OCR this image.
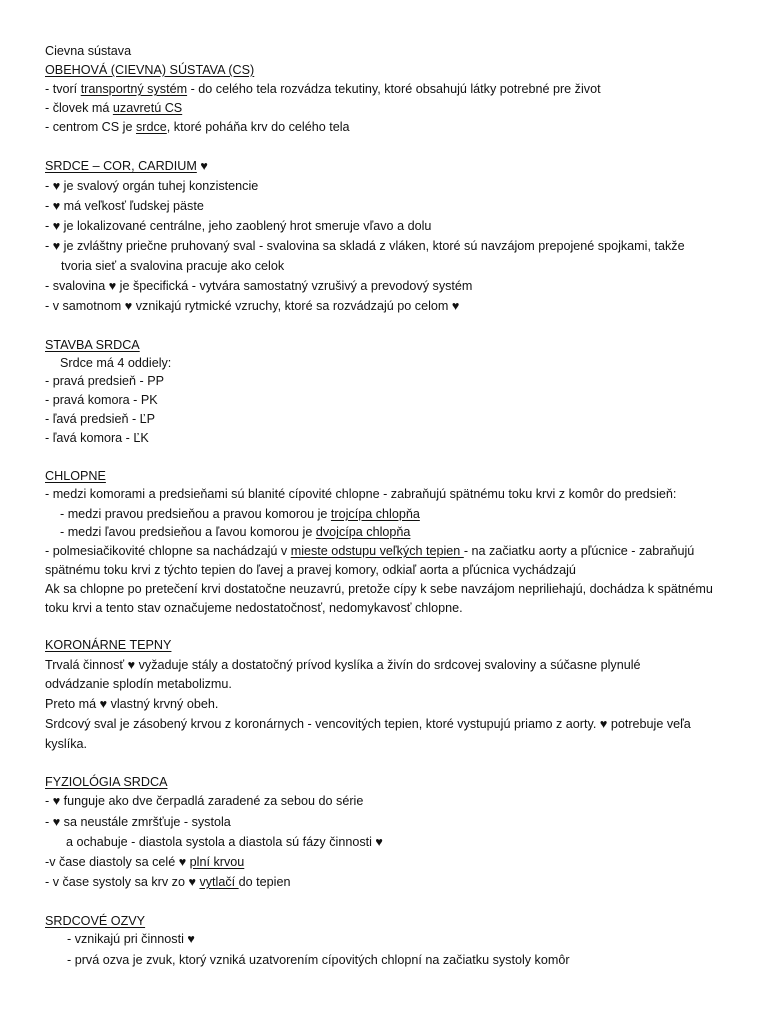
Cievna sústava
OBEHOVÁ (CIEVNA) SÚSTAVA (CS)
- tvorí transportný systém - do celého tela rozvádza tekutiny, ktoré obsahujú látky potrebné pre život
- človek má uzavretú CS
- centrom CS je srdce, ktoré poháňa krv do celého tela
SRDCE – COR, CARDIUM ♥
- ♥ je svalový orgán tuhej konzistencie
- ♥ má veľkosť ľudskej päste
- ♥ je lokalizované centrálne, jeho zaoblený hrot smeruje vľavo a dolu
- ♥ je zvláštny priečne pruhovaný sval - svalovina sa skladá z vláken, ktoré sú navzájom prepojené spojkami, takže
tvoria sieť a svalovina pracuje ako celok
- svalovina ♥ je špecifická - vytvára samostatný vzrušivý a prevodový systém
- v samotnom ♥ vznikajú rytmické vzruchy, ktoré sa rozvádzajú po celom ♥
STAVBA SRDCA
Srdce má 4 oddiely:
- pravá predsieň - PP
- pravá komora - PK
- ľavá predsieň - ĽP
- ľavá komora - ĽK
CHLOPNE
- medzi komorami a predsieňami sú blanité cípovité chlopne - zabraňujú spätnému toku krvi z komôr do predsieň:
- medzi pravou predsieňou a pravou komorou je trojcípa chlopňa
- medzi ľavou predsieňou a ľavou komorou je dvojcípa chlopňa
- polmesiačikovité chlopne sa nachádzajú v mieste odstupu veľkých tepien - na začiatku aorty a pľúcnice - zabraňujú
spätnému toku krvi z týchto tepien do ľavej a pravej komory, odkiaľ aorta a pľúcnica vychádzajú
Ak sa chlopne po pretečení krvi dostatočne neuzavrú, pretože cípy k sebe navzájom nepriliehajú, dochádza k spätnému
toku krvi a tento stav označujeme nedostatočnosť, nedomykavosť chlopne.
KORONÁRNE TEPNY
Trvalá činnosť ♥ vyžaduje stály a dostatočný prívod kyslíka a živín do srdcovej svaloviny a súčasne plynulé
odvádzanie splodín metabolizmu.
Preto má ♥ vlastný krvný obeh.
Srdcový sval je zásobený krvou z koronárnych - vencovitých tepien, ktoré vystupujú priamo z aorty. ♥ potrebuje veľa
kyslíka.
FYZIOLÓGIA SRDCA
- ♥ funguje ako dve čerpadlá zaradené za sebou do série
- ♥ sa neustále zmršťuje - systola
a ochabuje - diastola systola a diastola sú fázy činnosti ♥
-v čase diastoly sa celé ♥ plní krvou
- v čase systoly sa krv zo ♥ vytlačí do tepien
SRDCOVÉ OZVY
- vznikajú pri činnosti ♥
- prvá ozva je zvuk, ktorý vzniká uzatvorením cípovitých chlopní na začiatku systoly komôr
